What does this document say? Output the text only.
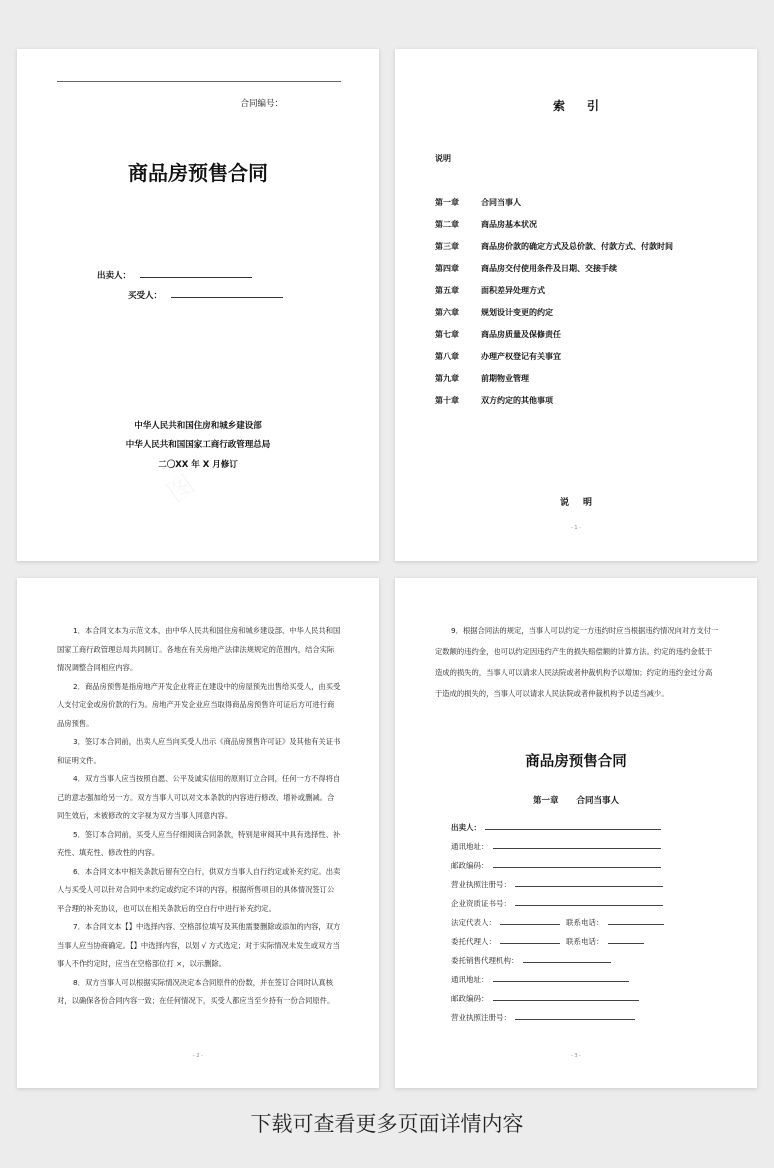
合同编号：
商品房预售合同
出卖人：
买受人：
中华人民共和国住房和城乡建设部
中华人民共和国国家工商行政管理总局
二〇XX 年 X 月修订
索引
说明
第一章	合同当事人
第二章	商品房基本状况
第三章	商品房价款的确定方式及总价款、付款方式、付款时间
第四章	商品房交付使用条件及日期、交接手续
第五章	面积差异处理方式
第六章	规划设计变更的约定
第七章	商品房质量及保修责任
第八章	办理产权登记有关事宜
第九章	前期物业管理
第十章	双方约定的其他事项
说明
- 1 -

1．本合同文本为示范文本，由中华人民共和国住房和城乡建设部、中华人民共和国国家工商行政管理总局共同制订。各地在有关房地产法律法规规定的范围内，结合实际情况调整合同相应内容。

2．商品房预售是指房地产开发企业将正在建设中的房屋预先出售给买受人，由买受人支付定金或房价款的行为。房地产开发企业应当取得商品房预售许可证后方可进行商品房预售。

3．签订本合同前，出卖人应当向买受人出示《商品房预售许可证》及其他有关证书和证明文件。

4．双方当事人应当按照自愿、公平及诚实信用的原则订立合同，任何一方不得将自己的意志强加给另一方。双方当事人可以对文本条款的内容进行修改、增补或删减。合同生效后，未被修改的文字视为双方当事人同意内容。

5．签订本合同前，买受人应当仔细阅读合同条款，特别是审阅其中具有选择性、补充性、填充性、修改性的内容。

6．本合同文本中相关条款后留有空白行，供双方当事人自行约定或补充约定。出卖人与买受人可以针对合同中未约定或约定不详的内容，根据所售项目的具体情况签订公平合理的补充协议，也可以在相关条款后的空白行中进行补充约定。

7．本合同文本【】中选择内容、空格部位填写及其他需要删除或添加的内容，双方当事人应当协商确定。【】中选择内容，以划 √ 方式选定；对于实际情况未发生或双方当事人不作约定时，应当在空格部位打 ×，以示删除。

8．双方当事人可以根据实际情况决定本合同原件的份数，并在签订合同时认真核对，以确保各份合同内容一致；在任何情况下，买受人都应当至少持有一份合同原件。

- 2 -

9．根据合同法的规定，当事人可以约定一方违约时应当根据违约情况向对方支付一定数额的违约金，也可以约定因违约产生的损失赔偿额的计算方法。约定的违约金低于造成的损失的，当事人可以请求人民法院或者仲裁机构予以增加；约定的违约金过分高于造成的损失的，当事人可以请求人民法院或者仲裁机构予以适当减少。

商品房预售合同
第一章 合同当事人
出卖人：
通讯地址：
邮政编码：
营业执照注册号：
企业资质证书号：
法定代表人：	联系电话：
委托代理人：	联系电话：
委托销售代理机构：
通讯地址：
邮政编码：
营业执照注册号：
- 3 -
下载可查看更多页面详情内容
